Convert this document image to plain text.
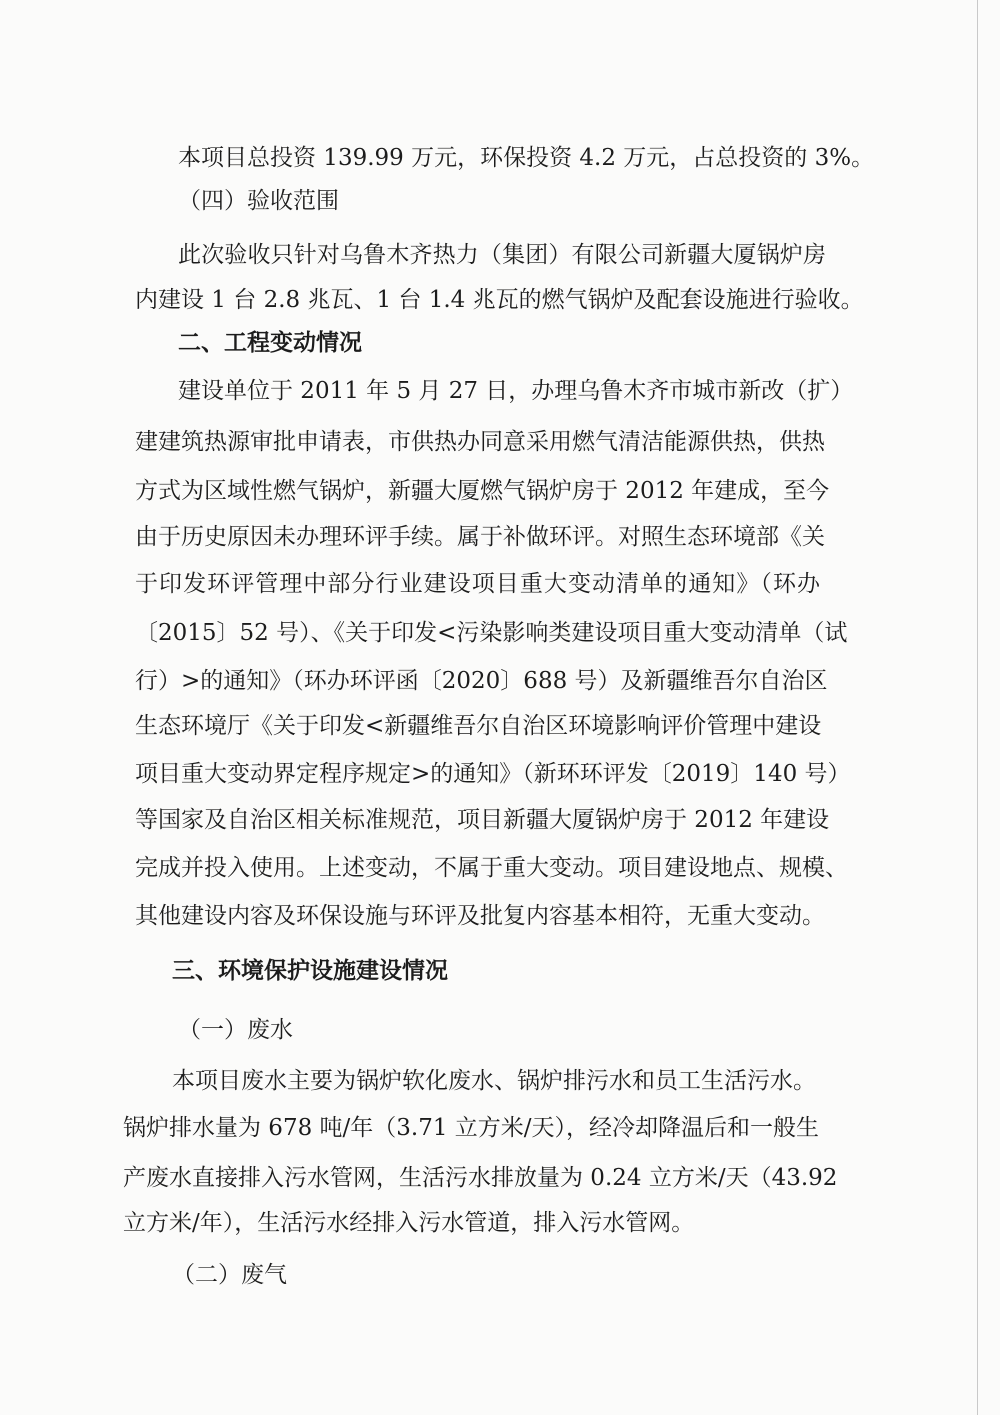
本项目总投资 139.99 万元，环保投资 4.2 万元，占总投资的 3%。
（四）验收范围
此次验收只针对乌鲁木齐热力（集团）有限公司新疆大厦锅炉房
内建设 1 台 2.8 兆瓦、1 台 1.4 兆瓦的燃气锅炉及配套设施进行验收。
二、工程变动情况
建设单位于 2011 年 5 月 27 日，办理乌鲁木齐市城市新改（扩）
建建筑热源审批申请表，市供热办同意采用燃气清洁能源供热，供热
方式为区域性燃气锅炉，新疆大厦燃气锅炉房于 2012 年建成，至今
由于历史原因未办理环评手续。属于补做环评。对照生态环境部《关
于印发环评管理中部分行业建设项目重大变动清单的通知》（环办
〔2015〕52 号）、《关于印发<污染影响类建设项目重大变动清单（试
行）>的通知》（环办环评函〔2020〕688 号）及新疆维吾尔自治区
生态环境厅《关于印发<新疆维吾尔自治区环境影响评价管理中建设
项目重大变动界定程序规定>的通知》（新环环评发〔2019〕140 号）
等国家及自治区相关标准规范，项目新疆大厦锅炉房于 2012 年建设
完成并投入使用。上述变动，不属于重大变动。项目建设地点、规模、
其他建设内容及环保设施与环评及批复内容基本相符，无重大变动。
三、环境保护设施建设情况
（一）废水
本项目废水主要为锅炉软化废水、锅炉排污水和员工生活污水。
锅炉排水量为 678 吨/年（3.71 立方米/天），经冷却降温后和一般生
产废水直接排入污水管网，生活污水排放量为 0.24 立方米/天（43.92
立方米/年），生活污水经排入污水管道，排入污水管网。
（二）废气
